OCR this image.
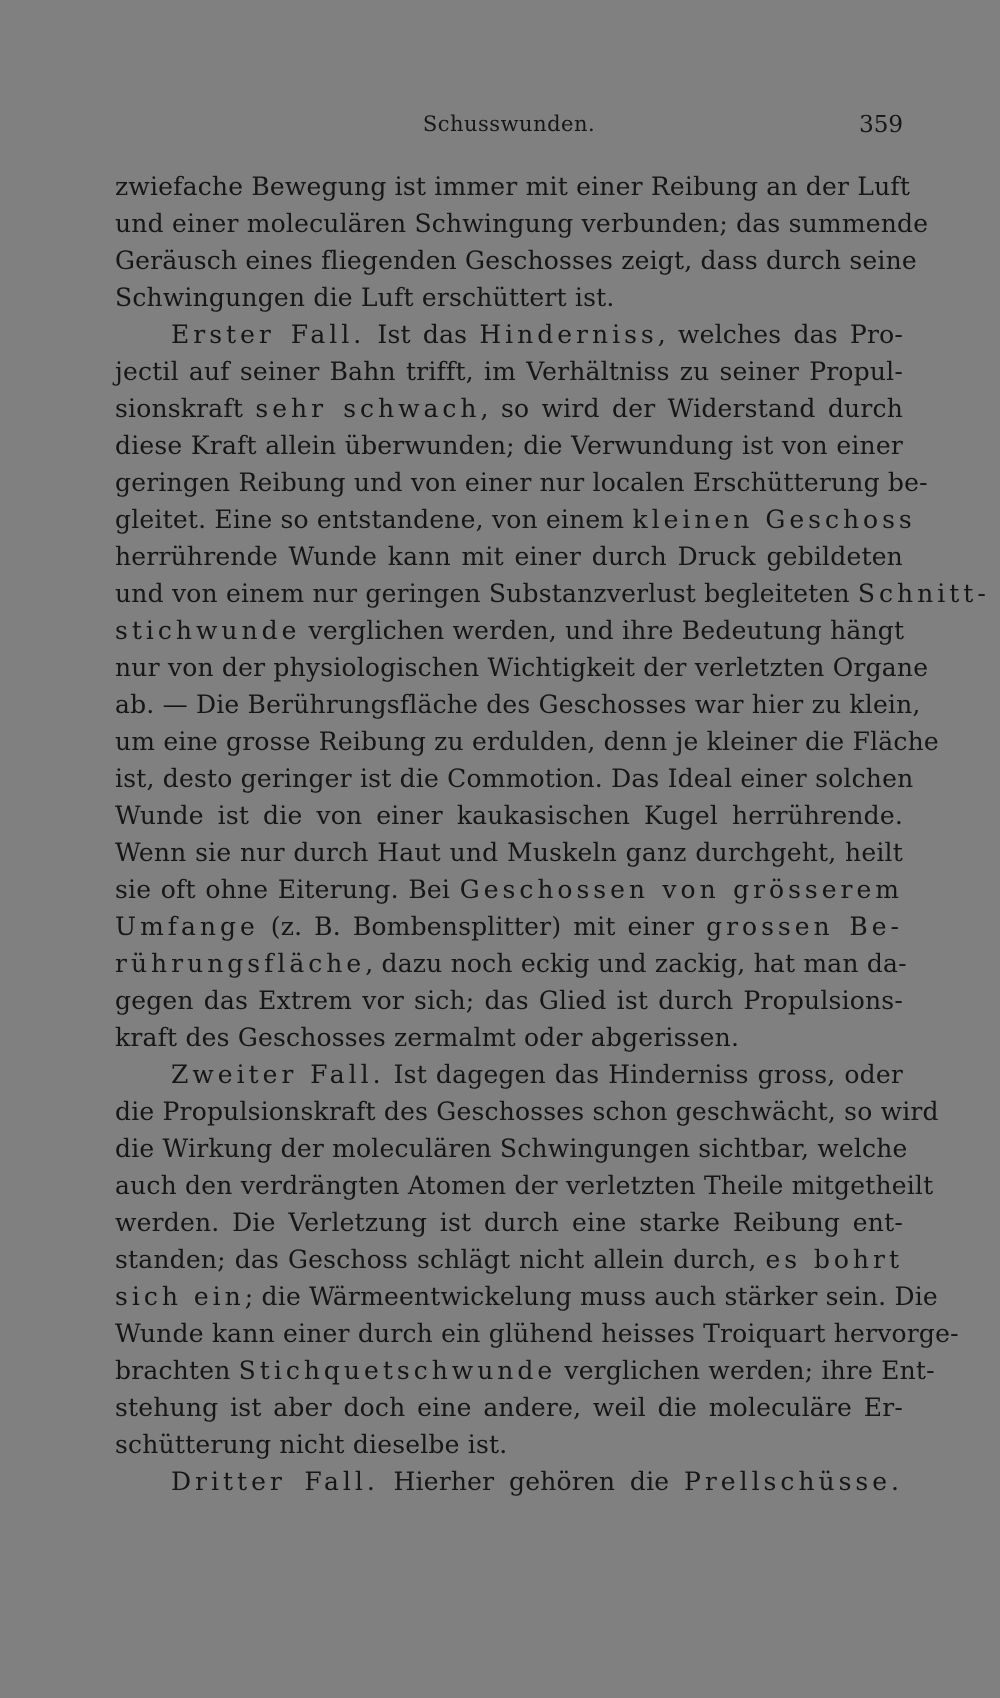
Schusswunden.	359
zwiefache Bewegung ist immer mit einer Reibung an der Luft
und einer moleculären Schwingung verbunden; das summende
Geräusch eines fliegenden Geschosses zeigt, dass durch seine
Schwingungen die Luft erschüttert ist.
Erster Fall. Ist das Hinderniss, welches das Pro-
jectil auf seiner Bahn trifft, im Verhältniss zu seiner Propul-
sionskraft sehr schwach, so wird der Widerstand durch
diese Kraft allein überwunden; die Verwundung ist von einer
geringen Reibung und von einer nur localen Erschütterung be-
gleitet. Eine so entstandene, von einem kleinen Geschoss
herrührende Wunde kann mit einer durch Druck gebildeten
und von einem nur geringen Substanzverlust begleiteten Schnitt-
stichwunde verglichen werden, und ihre Bedeutung hängt
nur von der physiologischen Wichtigkeit der verletzten Organe
ab. — Die Berührungsfläche des Geschosses war hier zu klein,
um eine grosse Reibung zu erdulden, denn je kleiner die Fläche
ist, desto geringer ist die Commotion. Das Ideal einer solchen
Wunde ist die von einer kaukasischen Kugel herrührende.
Wenn sie nur durch Haut und Muskeln ganz durchgeht, heilt
sie oft ohne Eiterung. Bei Geschossen von grösserem
Umfange (z. B. Bombensplitter) mit einer grossen Be-
rührungsfläche, dazu noch eckig und zackig, hat man da-
gegen das Extrem vor sich; das Glied ist durch Propulsions-
kraft des Geschosses zermalmt oder abgerissen.
Zweiter Fall. Ist dagegen das Hinderniss gross, oder
die Propulsionskraft des Geschosses schon geschwächt, so wird
die Wirkung der moleculären Schwingungen sichtbar, welche
auch den verdrängten Atomen der verletzten Theile mitgetheilt
werden. Die Verletzung ist durch eine starke Reibung ent-
standen; das Geschoss schlägt nicht allein durch, es bohrt
sich ein; die Wärmeentwickelung muss auch stärker sein. Die
Wunde kann einer durch ein glühend heisses Troiquart hervorge-
brachten Stichquetschwunde verglichen werden; ihre Ent-
stehung ist aber doch eine andere, weil die moleculäre Er-
schütterung nicht dieselbe ist.
Dritter Fall. Hierher gehören die Prellschüsse.
